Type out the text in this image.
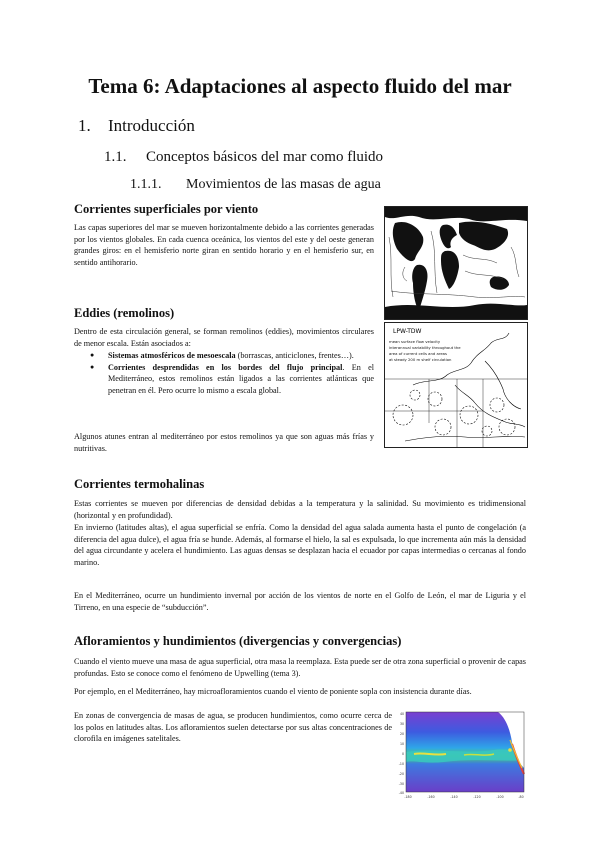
Tema 6: Adaptaciones al aspecto fluido del mar
1. Introducción
1.1. Conceptos básicos del mar como fluido
1.1.1. Movimientos de las masas de agua
Corrientes superficiales por viento
Las capas superiores del mar se mueven horizontalmente debido a las corrientes generadas por los vientos globales. En cada cuenca oceánica, los vientos del este y del oeste generan grandes giros: en el hemisferio norte giran en sentido horario y en el hemisferio sur, en sentido antihorario.
Eddies (remolinos)
Dentro de esta circulación general, se forman remolinos (eddies), movimientos circulares de menor escala. Están asociados a:
● Sistemas atmosféricos de mesoescala (borrascas, anticiclones, frentes…).
● Corrientes desprendidas en los bordes del flujo principal. En el Mediterráneo, estos remolinos están ligados a las corrientes atlánticas que penetran en él. Pero ocurre lo mismo a escala global.
Algunos atunes entran al mediterráneo por estos remolinos ya que son aguas más frías y nutritivas.
LPW-TDW
mean surface flow velocity
interannual variability throughout the
area of current cells and areas
at steady 200 m shelf circulation
Corrientes termohalinas
Estas corrientes se mueven por diferencias de densidad debidas a la temperatura y la salinidad. Su movimiento es tridimensional (horizontal y en profundidad).
En invierno (latitudes altas), el agua superficial se enfría. Como la densidad del agua salada aumenta hasta el punto de congelación (a diferencia del agua dulce), el agua fría se hunde. Además, al formarse el hielo, la sal es expulsada, lo que incrementa aún más la densidad del agua circundante y acelera el hundimiento. Las aguas densas se desplazan hacia el ecuador por capas intermedias o cercanas al fondo marino.
En el Mediterráneo, ocurre un hundimiento invernal por acción de los vientos de norte en el Golfo de León, el mar de Liguria y el Tirreno, en una especie de “subducción”.
Afloramientos y hundimientos (divergencias y convergencias)
Cuando el viento mueve una masa de agua superficial, otra masa la reemplaza. Esta puede ser de otra zona superficial o provenir de capas profundas. Esto se conoce como el fenómeno de Upwelling (tema 3).
Por ejemplo, en el Mediterráneo, hay microafloramientos cuando el viento de poniente sopla con insistencia durante días.
En zonas de convergencia de masas de agua, se producen hundimientos, como ocurre cerca de los polos en latitudes altas. Los afloramientos suelen detectarse por sus altas concentraciones de clorofila en imágenes satelitales.
40
30
20
10
0
-10
-20
-30
-40
-180	-160	-140	-120	-100	-80
